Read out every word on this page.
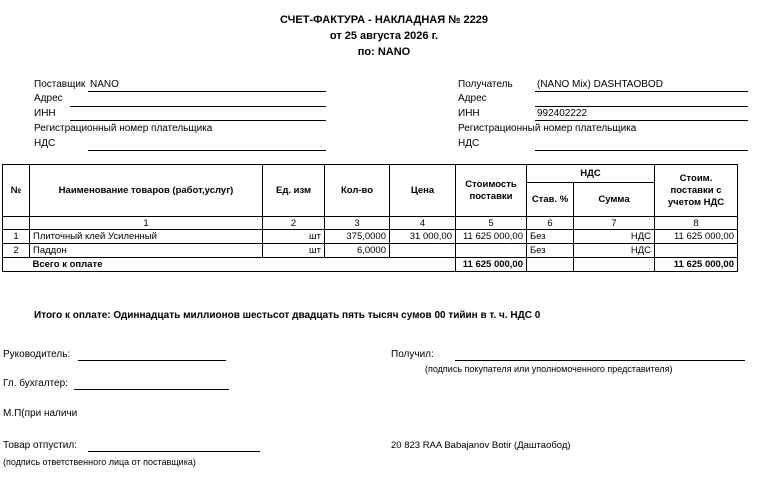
СЧЕТ-ФАКТУРА - НАКЛАДНАЯ № 2229
от 25 августа 2026 г.
по: NANO
Поставщик NANO
Адрес
ИНН
Регистрационный номер плательщика
НДС
Получатель (NANO Mix) DASHTAOBOD
Адрес
ИНН	992402222
Регистрационный номер плательщика
НДС
№	Наименование товаров (работ,услуг)	Ед. изм	Кол-во	Цена	Стоимость поставки	НДС		Стоим. поставки с учетом НДС
						Став. %	Сумма	
	1	2	3	4	5	6	7	8
1	Плиточный клей Усиленный	шт	375,0000	31 000,00	11 625 000,00	Без	НДС	11 625 000,00
2	Паддон	шт	6,0000			Без	НДС	
	Всего к оплате				11 625 000,00			11 625 000,00
Итого к оплате: Одиннадцать миллионов шестьсот двадцать пять тысяч сумов 00 тийин в т. ч. НДС 0
Руководитель:	Получил:
(подпись покупателя или уполномоченного представителя)
Гл. бухгалтер:
М.П(при наличи
Товар отпустил:
(подпись ответственного лица от поставщика)
20 823 RAA Babajanov Botir (Дaштаобод)
